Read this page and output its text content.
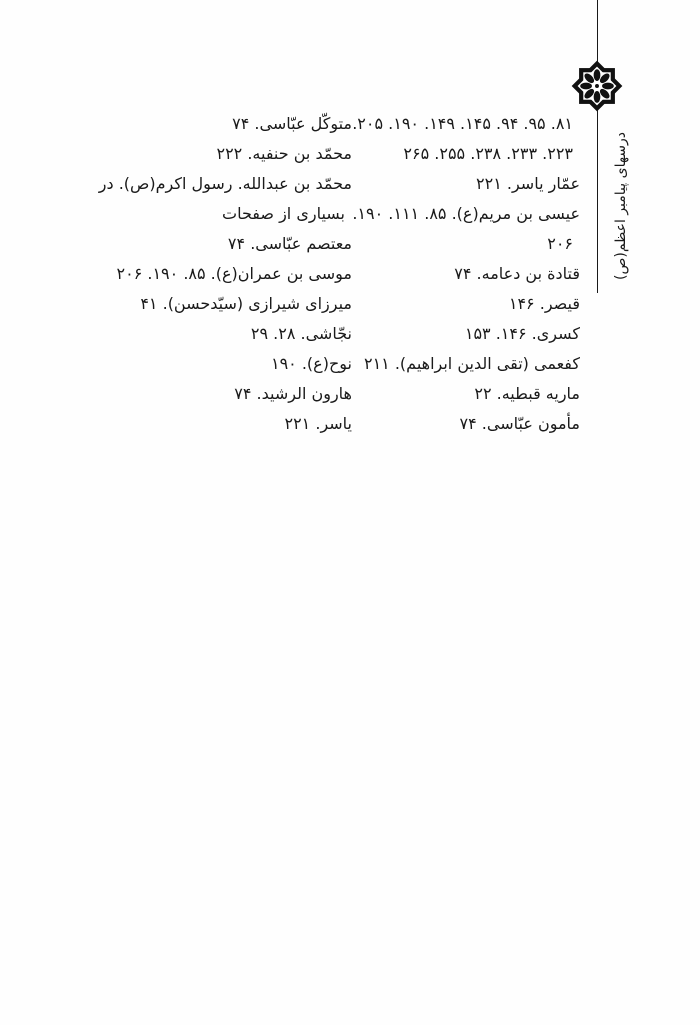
درسهای پیامبر اعظم(ص)
۸۱. ۹۵. ۹۴. ۱۴۵. ۱۴۹. ۱۹۰. ۲۰۵.
۲۲۳. ۲۳۳. ۲۳۸. ۲۵۵. ۲۶۵
عمّار یاسر. ۲۲۱
عیسی بن مریم(ع). ۸۵. ۱۱۱. ۱۹۰.
۲۰۶
قتادة بن دعامه. ۷۴
قیصر. ۱۴۶
کسری. ۱۴۶. ۱۵۳
کفعمی (تقی الدین ابراهیم). ۲۱۱
ماریه قبطیه. ۲۲
مأمون عبّاسی. ۷۴
متوکّل عبّاسی. ۷۴
محمّد بن حنفیه. ۲۲۲
محمّد بن عبدالله. رسول اکرم(ص). در
بسیاری از صفحات
معتصم عبّاسی. ۷۴
موسی بن عمران(ع). ۸۵. ۱۹۰. ۲۰۶
میرزای شیرازی (سیّدحسن). ۴۱
نجّاشی. ۲۸. ۲۹
نوح(ع). ۱۹۰
هارون الرشید. ۷۴
یاسر. ۲۲۱
